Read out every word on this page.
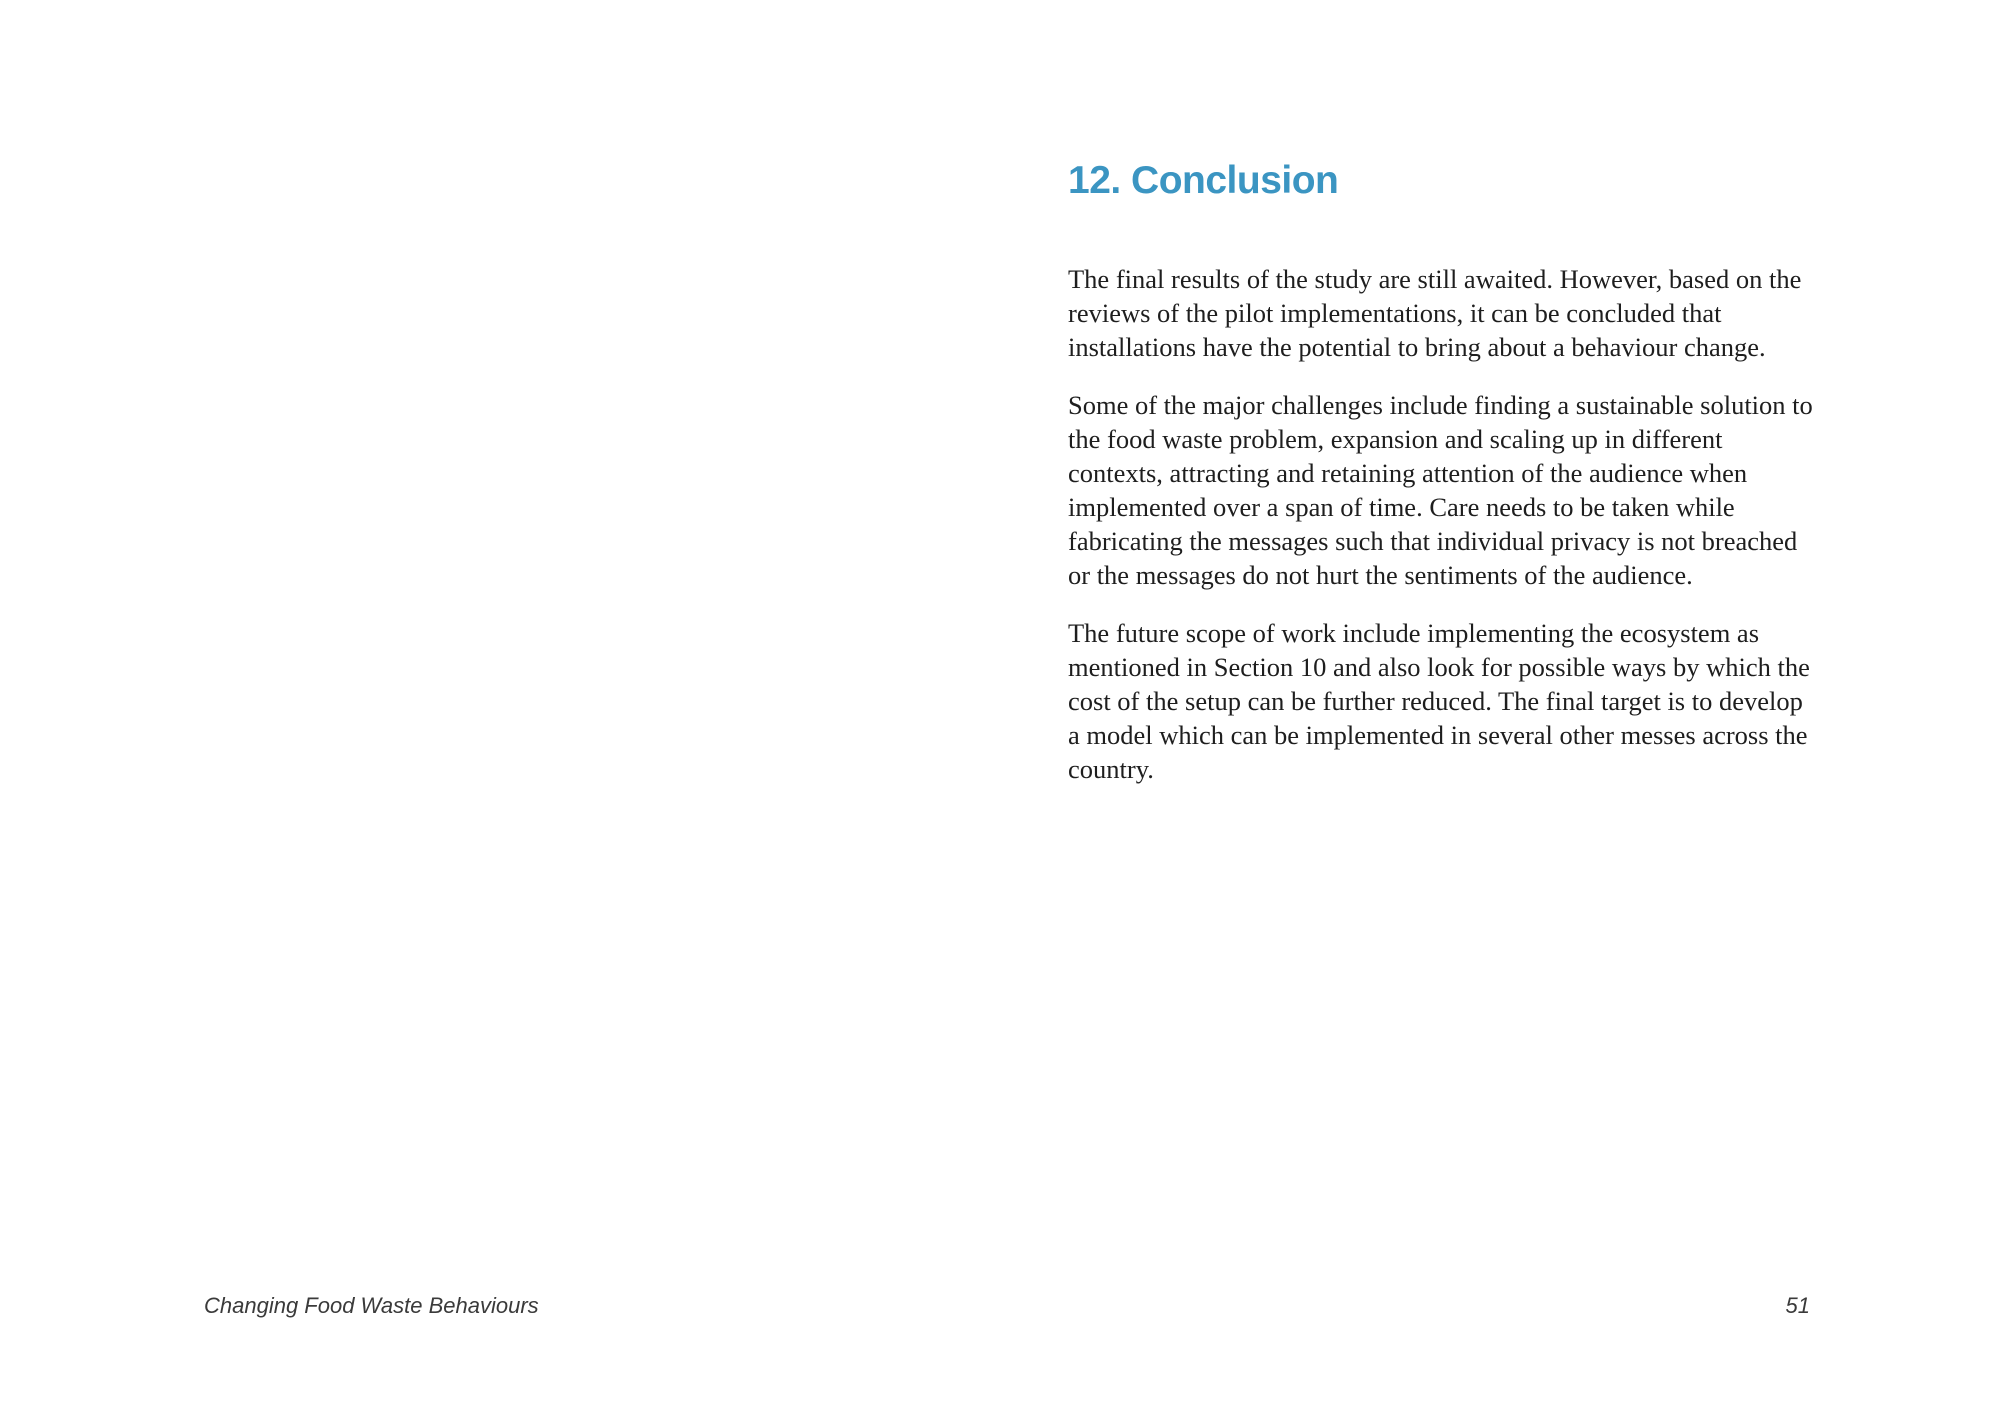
12. Conclusion

The final results of the study are still awaited. However, based on the reviews of the pilot implementations, it can be concluded that installations have the potential to bring about a behaviour change.

Some of the major challenges include finding a sustainable solution to the food waste problem, expansion and scaling up in different contexts, attracting and retaining attention of the audience when implemented over a span of time. Care needs to be taken while fabricating the messages such that individual privacy is not breached or the messages do not hurt the sentiments of the audience.

The future scope of work include implementing the ecosystem as mentioned in Section 10 and also look for possible ways by which the cost of the setup can be further reduced. The final target is to develop a model which can be implemented in several other messes across the country.

Changing Food Waste Behaviours	51
